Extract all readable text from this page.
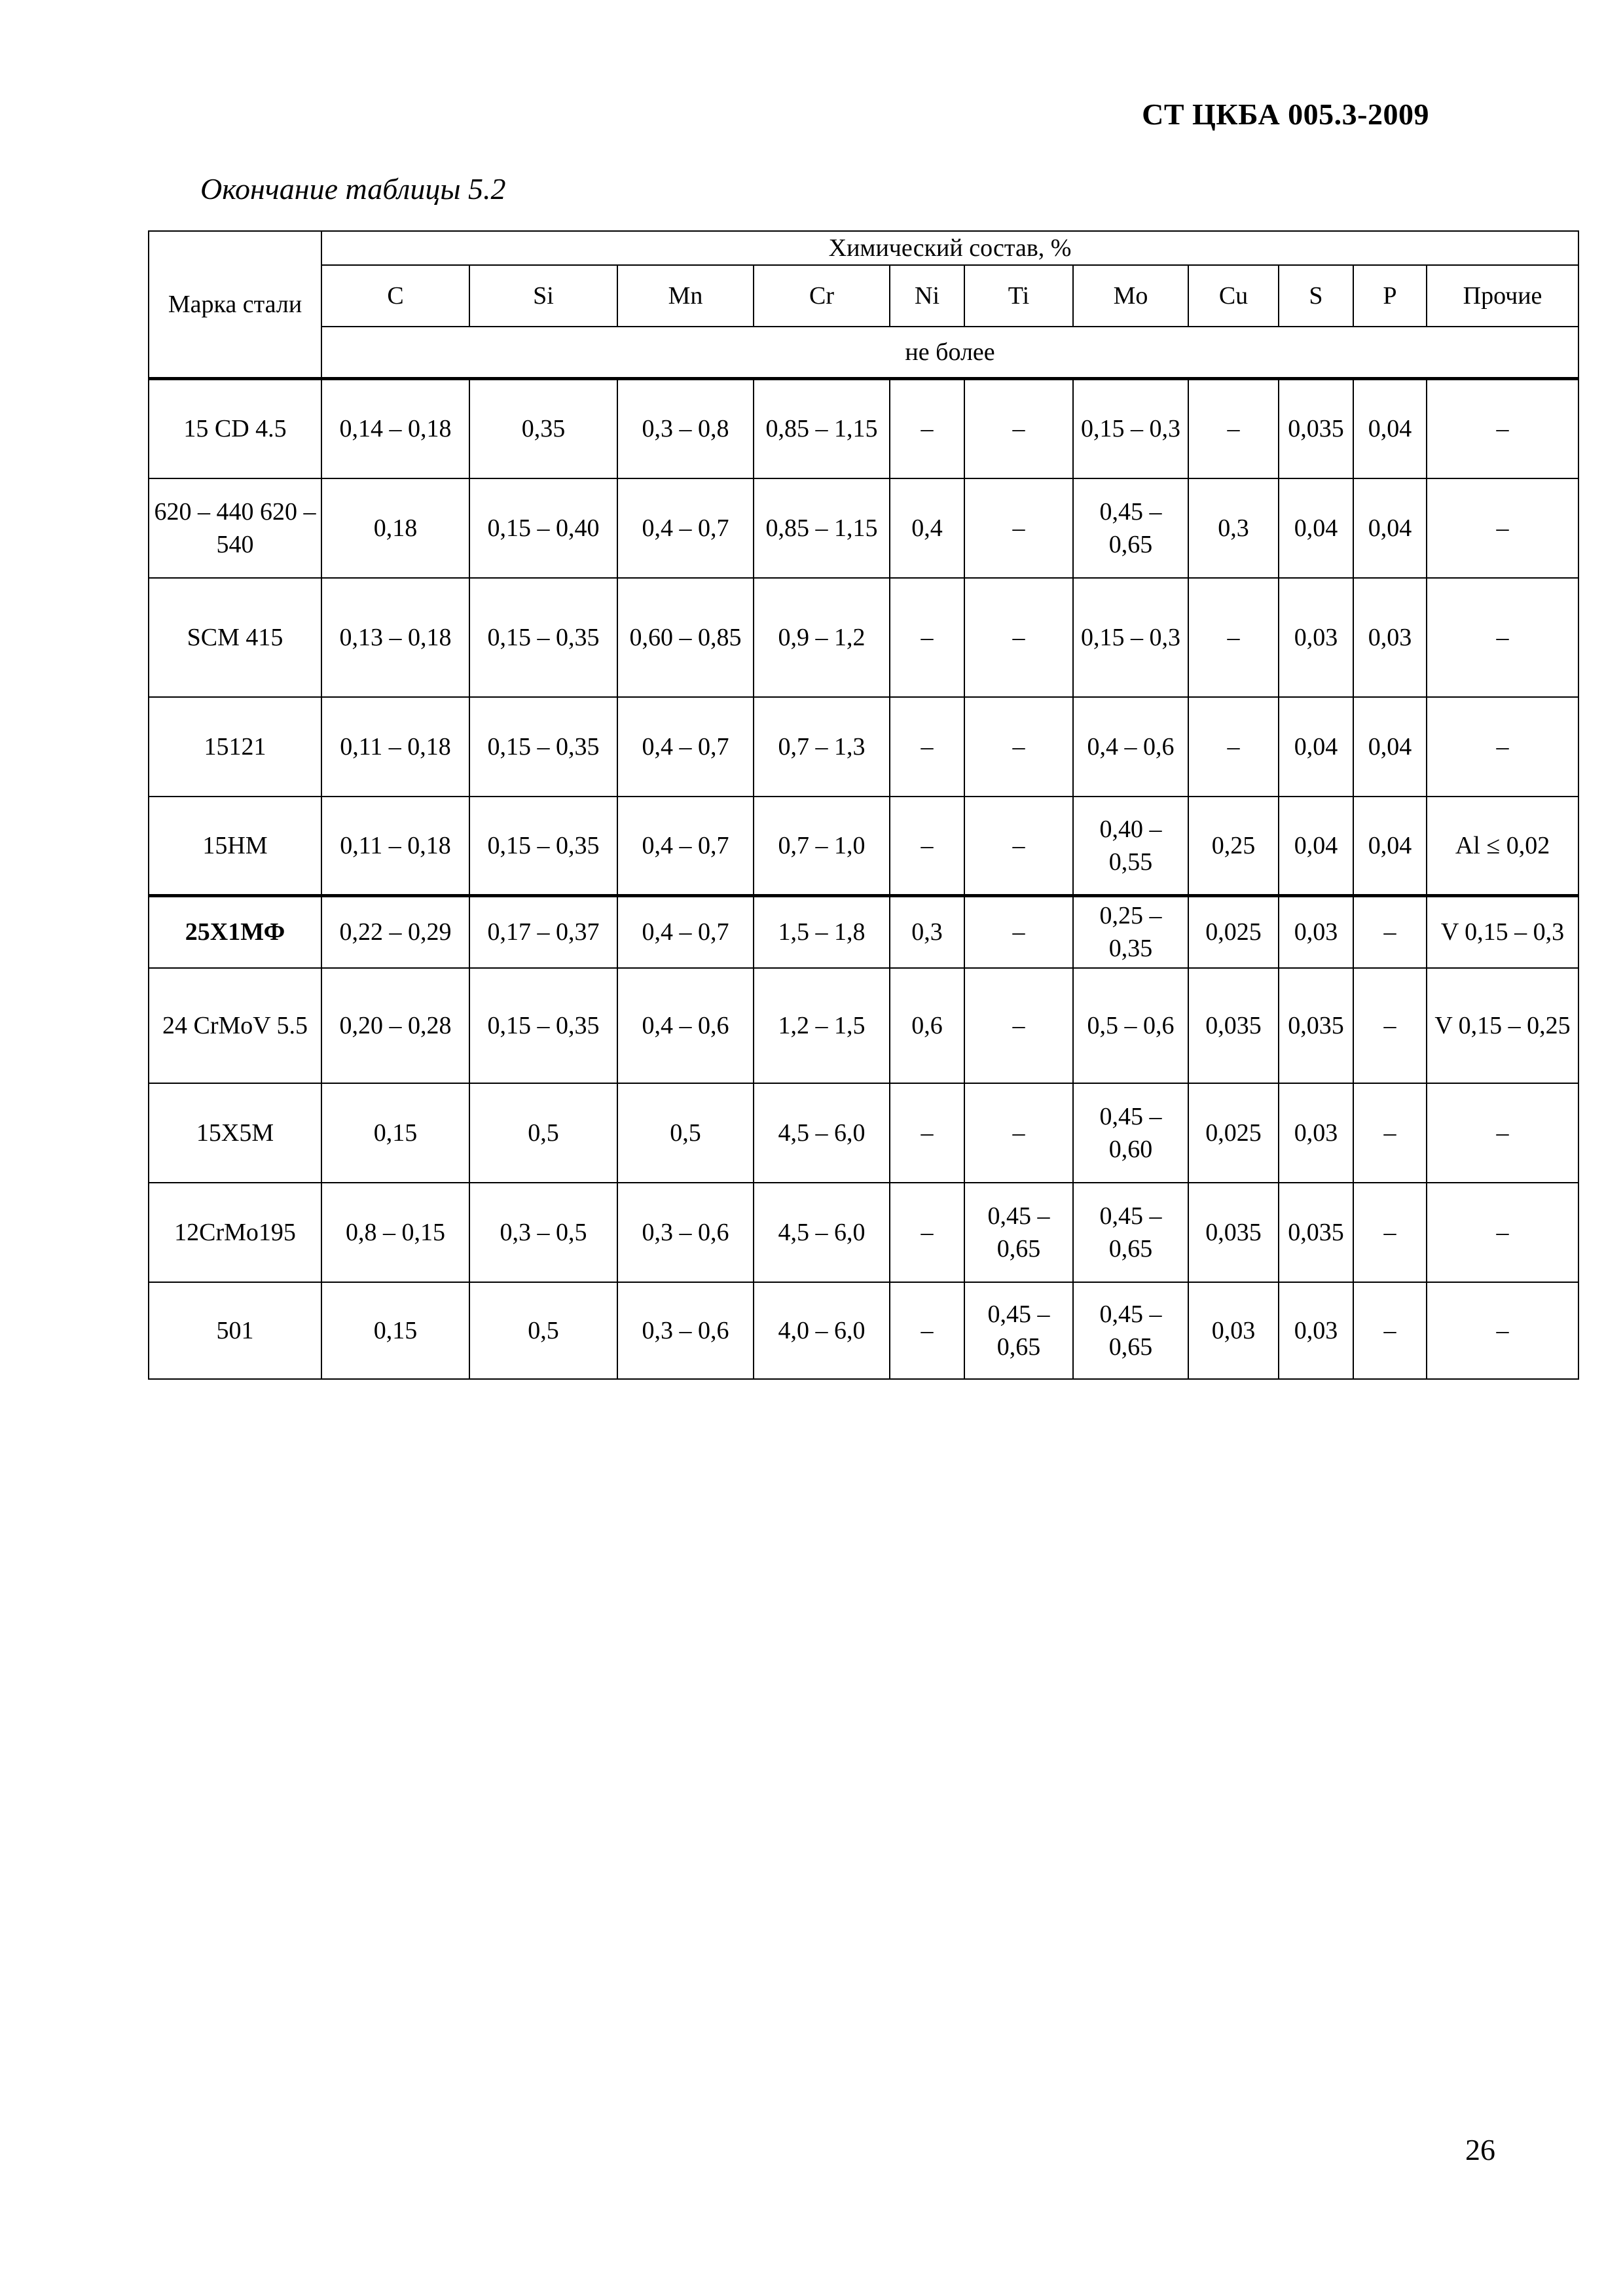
СТ ЦКБА 005.3-2009
Окончание таблицы 5.2
Марка стали	Химический состав, %										
	C	Si	Mn	Cr	Ni	Ti	Mo	Cu	S	P	Прочие
	не более										
15 CD 4.5	0,14 – 0,18	0,35	0,3 – 0,8	0,85 – 1,15	–	–	0,15 – 0,3	–	0,035	0,04	–
620 – 440 620 – 540	0,18	0,15 – 0,40	0,4 – 0,7	0,85 – 1,15	0,4	–	0,45 – 0,65	0,3	0,04	0,04	–
SCM 415	0,13 – 0,18	0,15 – 0,35	0,60 – 0,85	0,9 – 1,2	–	–	0,15 – 0,3	–	0,03	0,03	–
15121	0,11 – 0,18	0,15 – 0,35	0,4 – 0,7	0,7 – 1,3	–	–	0,4 – 0,6	–	0,04	0,04	–
15HM	0,11 – 0,18	0,15 – 0,35	0,4 – 0,7	0,7 – 1,0	–	–	0,40 – 0,55	0,25	0,04	0,04	Al ≤ 0,02
25Х1МФ	0,22 – 0,29	0,17 – 0,37	0,4 – 0,7	1,5 – 1,8	0,3	–	0,25 – 0,35	0,025	0,03	–	V 0,15 – 0,3
24 CrMoV 5.5	0,20 – 0,28	0,15 – 0,35	0,4 – 0,6	1,2 – 1,5	0,6	–	0,5 – 0,6	0,035	0,035	–	V 0,15 – 0,25
15Х5М	0,15	0,5	0,5	4,5 – 6,0	–	–	0,45 – 0,60	0,025	0,03	–	–
12CrMo195	0,8 – 0,15	0,3 – 0,5	0,3 – 0,6	4,5 – 6,0	–	0,45 – 0,65	0,45 – 0,65	0,035	0,035	–	–
501	0,15	0,5	0,3 – 0,6	4,0 – 6,0	–	0,45 – 0,65	0,45 – 0,65	0,03	0,03	–	–
26
